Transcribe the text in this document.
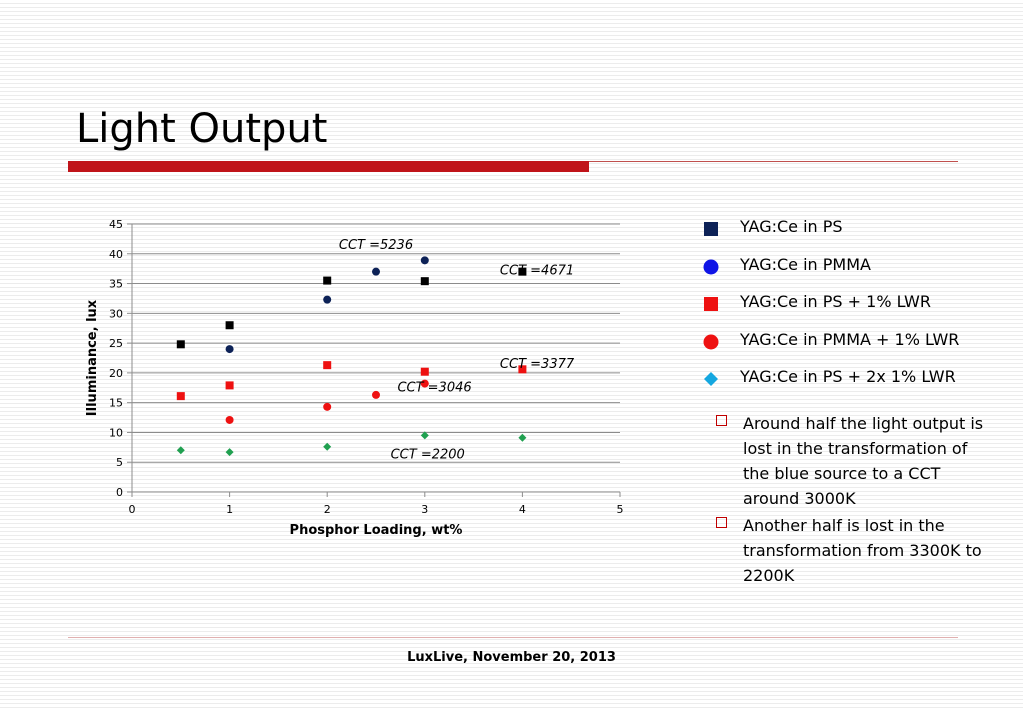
Light Output
0
5
10
15
20
25
30
35
40
45
0	1	2	3	4	5
CCT =5236
CCT =4671
CCT =3377
CCT =3046
CCT =2200
Phosphor Loading, wt%
Illuminance, lux
YAG:Ce in PS
YAG:Ce in PMMA
YAG:Ce in PS + 1% LWR
YAG:Ce in PMMA + 1% LWR
YAG:Ce in PS + 2x 1% LWR
Around half the light output is lost in the transformation of the blue source to a CCT around 3000K
Another half is lost in the transformation from 3300K to 2200K
LuxLive, November 20, 2013
